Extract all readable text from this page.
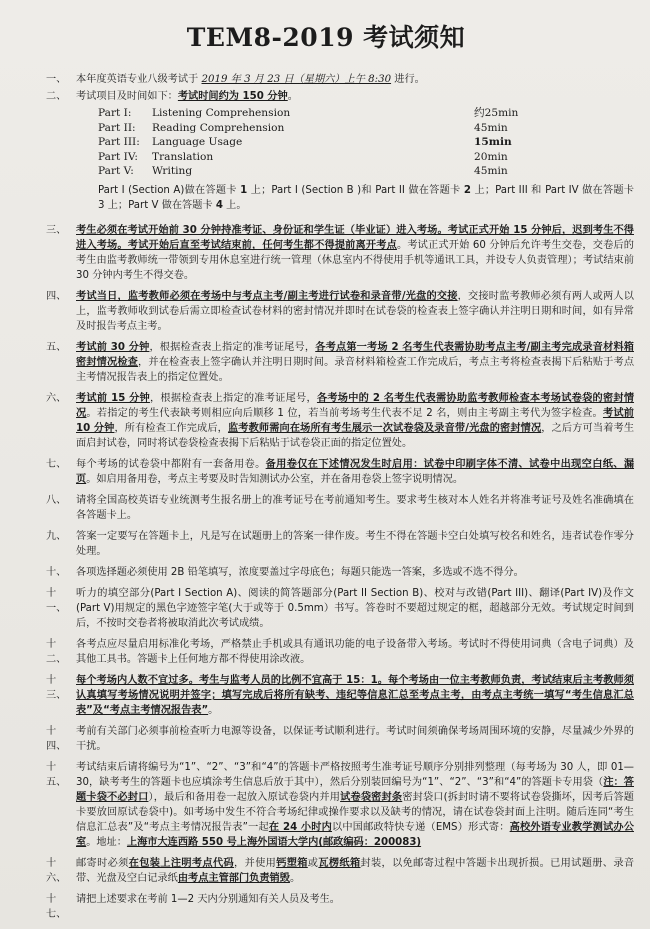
TEM8-2019 考试须知
一、 本年度英语专业八级考试于 2019 年 3 月 23 日（星期六）上午 8:30 进行。
二、 考试项目及时间如下：考试时间约为 150 分钟。
Part I:	Listening Comprehension	约25min
Part II:	Reading Comprehension	45min
Part III:	Language Usage	15min
Part IV:	Translation	20min
Part V:	Writing	45min
Part I (Section A)做在答题卡 1 上；Part I (Section B )和 Part II 做在答题卡 2 上；Part III 和 Part IV 做在答题卡 3 上；Part V 做在答题卡 4 上。
三、 考生必须在考试开始前 30 分钟持准考证、身份证和学生证（毕业证）进入考场。考试正式开始 15 分钟后，迟到考生不得进入考场。考试开始后直至考试结束前，任何考生都不得提前离开考点。考试正式开始 60 分钟后允许考生交卷，交卷后的考生由监考教师统一带领到专用休息室进行统一管理（休息室内不得使用手机等通讯工具，并设专人负责管理）；考试结束前 30 分钟内考生不得交卷。
四、 考试当日，监考教师必须在考场中与考点主考/副主考进行试卷和录音带/光盘的交接，交接时监考教师必须有两人或两人以上，监考教师收到试卷后需立即检查试卷材料的密封情况并即时在试卷袋的检查表上签字确认并注明日期和时间，如有异常及时报告考点主考。
五、 考试前 30 分钟，根据检查表上指定的准考证尾号，各考点第一考场 2 名考生代表需协助考点主考/副主考完成录音材料箱密封情况检查，并在检查表上签字确认并注明日期时间。录音材料箱检查工作完成后，考点主考将检查表揭下后粘贴于考点主考情况报告表上的指定位置处。
六、 考试前 15 分钟，根据检查表上指定的准考证尾号，各考场中的 2 名考生代表需协助监考教师检查本考场试卷袋的密封情况。若指定的考生代表缺考则相应向后顺移 1 位，若当前考场考生代表不足 2 名，则由主考副主考代为签字检查。考试前 10 分钟，所有检查工作完成后，监考教师需向在场所有考生展示一次试卷袋及录音带/光盘的密封情况，之后方可当着考生面启封试卷，同时将试卷袋检查表揭下后粘贴于试卷袋正面的指定位置处。
七、 每个考场的试卷袋中都附有一套备用卷。备用卷仅在下述情况发生时启用：试卷中印刷字体不清、试卷中出现空白纸、漏页。如启用备用卷，考点主考要及时告知测试办公室，并在备用卷袋上签字说明情况。
八、 请将全国高校英语专业统测考生报名册上的准考证号在考前通知考生。要求考生核对本人姓名并将准考证号及姓名准确填在各答题卡上。
九、 答案一定要写在答题卡上，凡是写在试题册上的答案一律作废。考生不得在答题卡空白处填写校名和姓名，违者试卷作零分处理。
十、 各项选择题必须使用 2B 铅笔填写，浓度要盖过字母底色；每题只能选一答案，多选或不选不得分。
十一、
听力的填空部分(Part I Section A)、阅读的简答题部分(Part II Section B)、校对与改错(Part III)、翻译(Part IV)及作文(Part V)用规定的黑色字迹签字笔(大于或等于 0.5mm）书写。答卷时不要超过规定的框，超越部分无效。考试规定时间到后，不按时交卷者将被取消此次考试成绩。
十二、
各考点应尽量启用标准化考场，严格禁止手机或具有通讯功能的电子设备带入考场。考试时不得使用词典（含电子词典）及其他工具书。答题卡上任何地方都不得使用涂改液。
十三、
每个考场内人数不宜过多。考生与监考人员的比例不宜高于 15：1。每个考场由一位主考教师负责，考试结束后主考教师须认真填写考场情况说明并签字；填写完成后将所有缺考、违纪等信息汇总至考点主考，由考点主考统一填写“考生信息汇总表”及“考点主考情况报告表”。
十四、
考前有关部门必须事前检查听力电源等设备，以保证考试顺利进行。考试时间须确保考场周围环境的安静，尽量减少外界的干扰。
十五、
考试结束后请将编号为“1”、“2”、“3”和“4”的答题卡严格按照考生准考证号顺序分别排列整理（每考场为 30 人，即 01—30，缺考考生的答题卡也应填涂考生信息后放于其中），然后分别装回编号为“1”、“2”、“3”和“4”的答题卡专用袋（注：答题卡袋不必封口），最后和备用卷一起放入原试卷袋内并用试卷袋密封条密封袋口(拆封时请不要将试卷袋撕坏，因考后答题卡要放回原试卷袋中)。如考场中发生不符合考场纪律或操作要求以及缺考的情况，请在试卷袋封面上注明。随后连同“考生信息汇总表”及“考点主考情况报告表”一起在 24 小时内以中国邮政特快专递（EMS）形式寄：高校外语专业教学测试办公室。地址：上海市大连西路 550 号上海外国语大学内(邮政编码：200083)
十六、
邮寄时必须在包装上注明考点代码，并使用钙塑箱或瓦楞纸箱封装，以免邮寄过程中答题卡出现折损。已用试题册、录音带、光盘及空白记录纸由考点主管部门负责销毁。
十七、
请把上述要求在考前 1—2 天内分别通知有关人员及考生。
